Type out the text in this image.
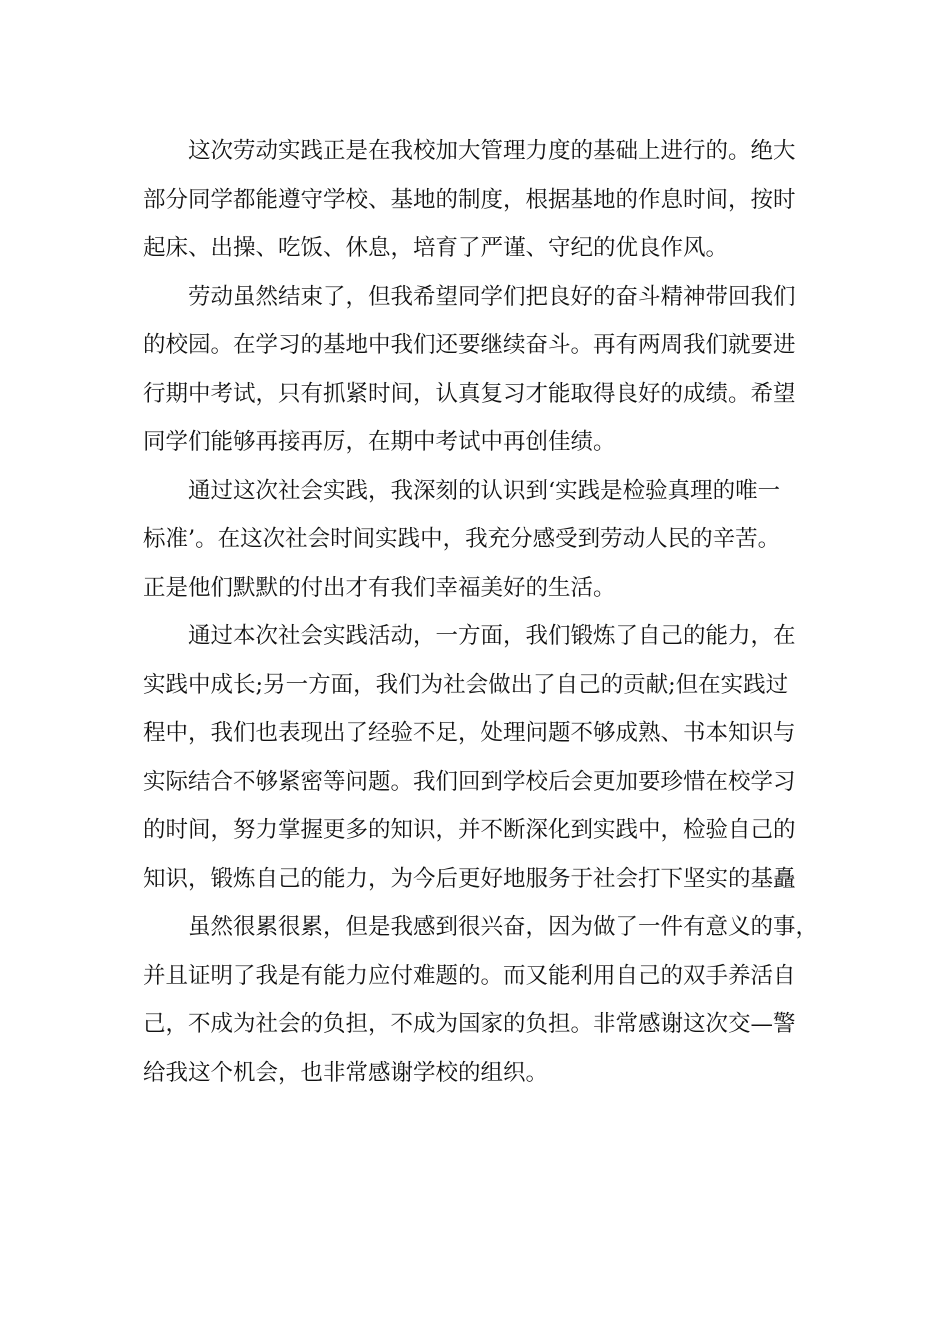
这次劳动实践正是在我校加大管理力度的基础上进行的。绝大
部分同学都能遵守学校、基地的制度，根据基地的作息时间，按时
起床、出操、吃饭、休息，培育了严谨、守纪的优良作风。

劳动虽然结束了，但我希望同学们把良好的奋斗精神带回我们
的校园。在学习的基地中我们还要继续奋斗。再有两周我们就要进
行期中考试，只有抓紧时间，认真复习才能取得良好的成绩。希望
同学们能够再接再厉，在期中考试中再创佳绩。

通过这次社会实践，我深刻的认识到‘实践是检验真理的唯一
标准’。在这次社会时间实践中，我充分感受到劳动人民的辛苦。
正是他们默默的付出才有我们幸福美好的生活。

通过本次社会实践活动，一方面，我们锻炼了自己的能力，在
实践中成长;另一方面，我们为社会做出了自己的贡献;但在实践过
程中，我们也表现出了经验不足，处理问题不够成熟、书本知识与
实际结合不够紧密等问题。我们回到学校后会更加要珍惜在校学习
的时间，努力掌握更多的知识，并不断深化到实践中，检验自己的
知识，锻炼自己的能力，为今后更好地服务于社会打下坚实的基矗

虽然很累很累，但是我感到很兴奋，因为做了一件有意义的事，
并且证明了我是有能力应付难题的。而又能利用自己的双手养活自
己，不成为社会的负担，不成为国家的负担。非常感谢这次交—警
给我这个机会，也非常感谢学校的组织。
